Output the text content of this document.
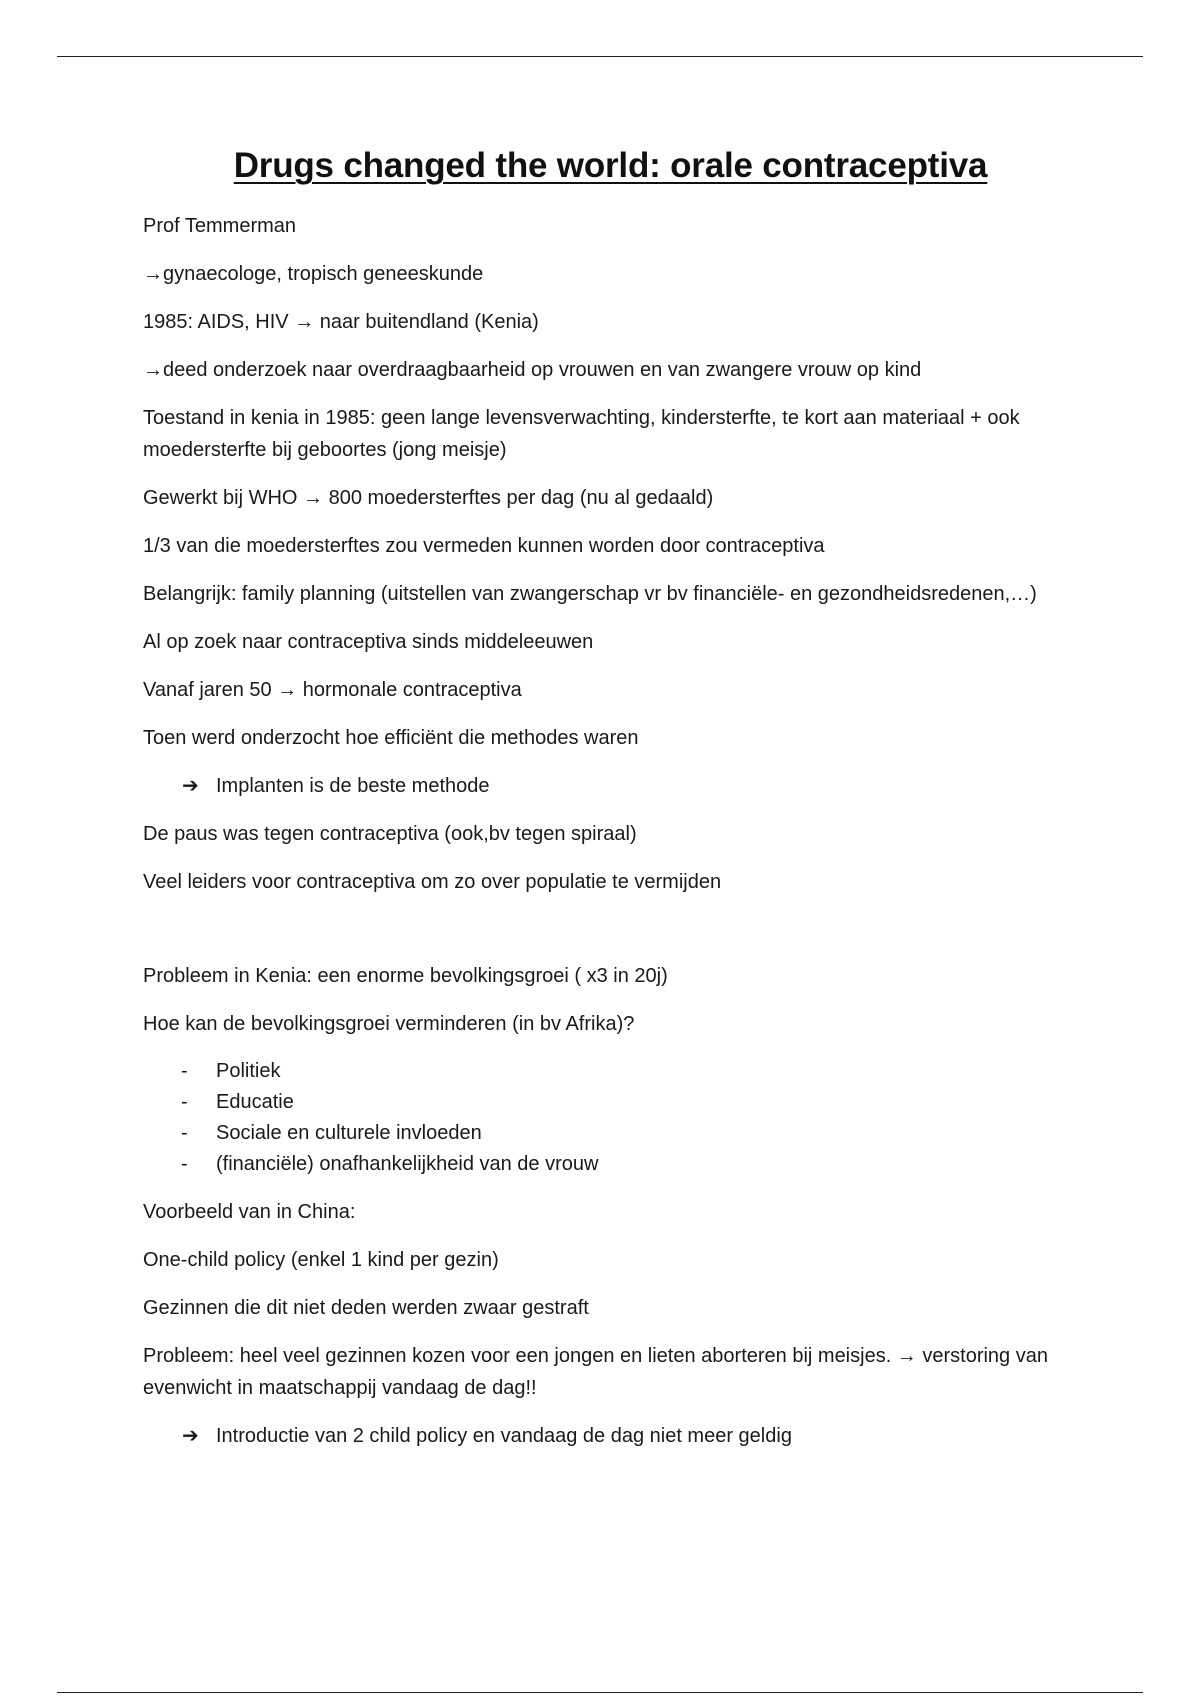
Drugs changed the world: orale contraceptiva

Prof Temmerman

→gynaecologe, tropisch geneeskunde

1985: AIDS, HIV → naar buitendland (Kenia)

→deed onderzoek naar overdraagbaarheid op vrouwen en van zwangere vrouw op kind

Toestand in kenia in 1985: geen lange levensverwachting, kindersterfte, te kort aan materiaal + ook moedersterfte bij geboortes (jong meisje)

Gewerkt bij WHO → 800 moedersterftes per dag (nu al gedaald)

1/3 van die moedersterftes zou vermeden kunnen worden door contraceptiva

Belangrijk: family planning (uitstellen van zwangerschap vr bv financiële- en gezondheidsredenen,…)

Al op zoek naar contraceptiva sinds middeleeuwen

Vanaf jaren 50 → hormonale contraceptiva

Toen werd onderzocht hoe efficiënt die methodes waren

➔ Implanten is de beste methode

De paus was tegen contraceptiva (ook,bv tegen spiraal)

Veel leiders voor contraceptiva om zo over populatie te vermijden

Probleem in Kenia: een enorme bevolkingsgroei ( x3 in 20j)

Hoe kan de bevolkingsgroei verminderen (in bv Afrika)?

- Politiek
- Educatie
- Sociale en culturele invloeden
- (financiële) onafhankelijkheid van de vrouw

Voorbeeld van in China:

One-child policy (enkel 1 kind per gezin)

Gezinnen die dit niet deden werden zwaar gestraft

Probleem: heel veel gezinnen kozen voor een jongen en lieten aborteren bij meisjes. → verstoring van evenwicht in maatschappij vandaag de dag!!

➔ Introductie van 2 child policy en vandaag de dag niet meer geldig
